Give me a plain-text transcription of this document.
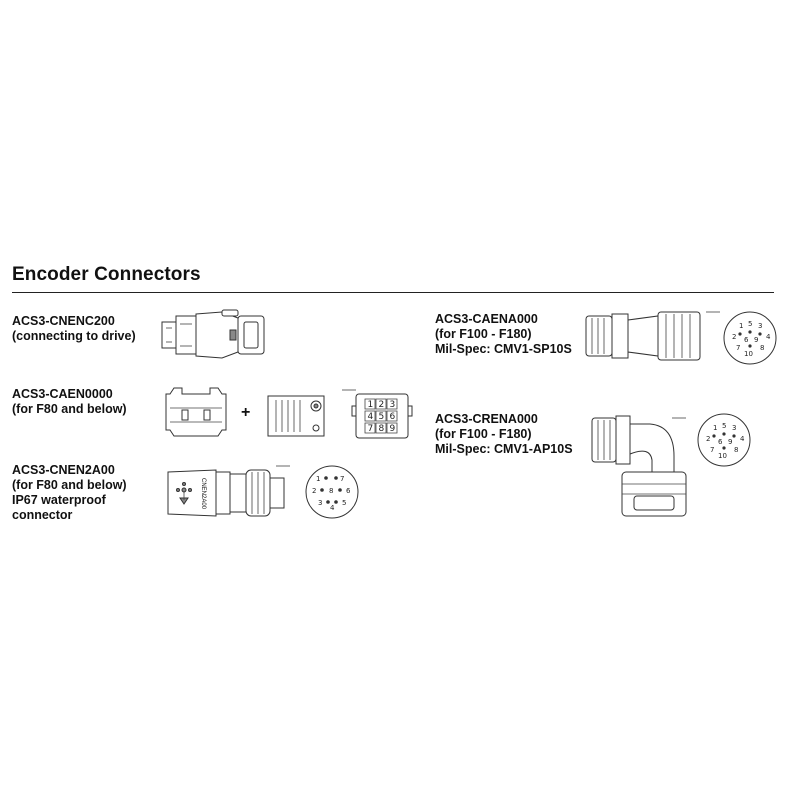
Encoder Connectors
ACS3-CNENC200
(connecting to drive)
ACS3-CAEN0000
(for F80 and below)
ACS3-CNEN2A00
(for F80 and below)
IP67 waterproof
connector
ACS3-CAENA000
(for F100 - F180)
Mil-Spec: CMV1-SP10S
ACS3-CRENA000
(for F100 - F180)
Mil-Spec: CMV1-AP10S
+	1 2 3
4 5 6
7 8 9
1
2
3
4
5
6
7
8
CNEN2A00
1
2
3
4
5
6
7	8
9
10
1
2
3
4
5
6
7	8
9
10
